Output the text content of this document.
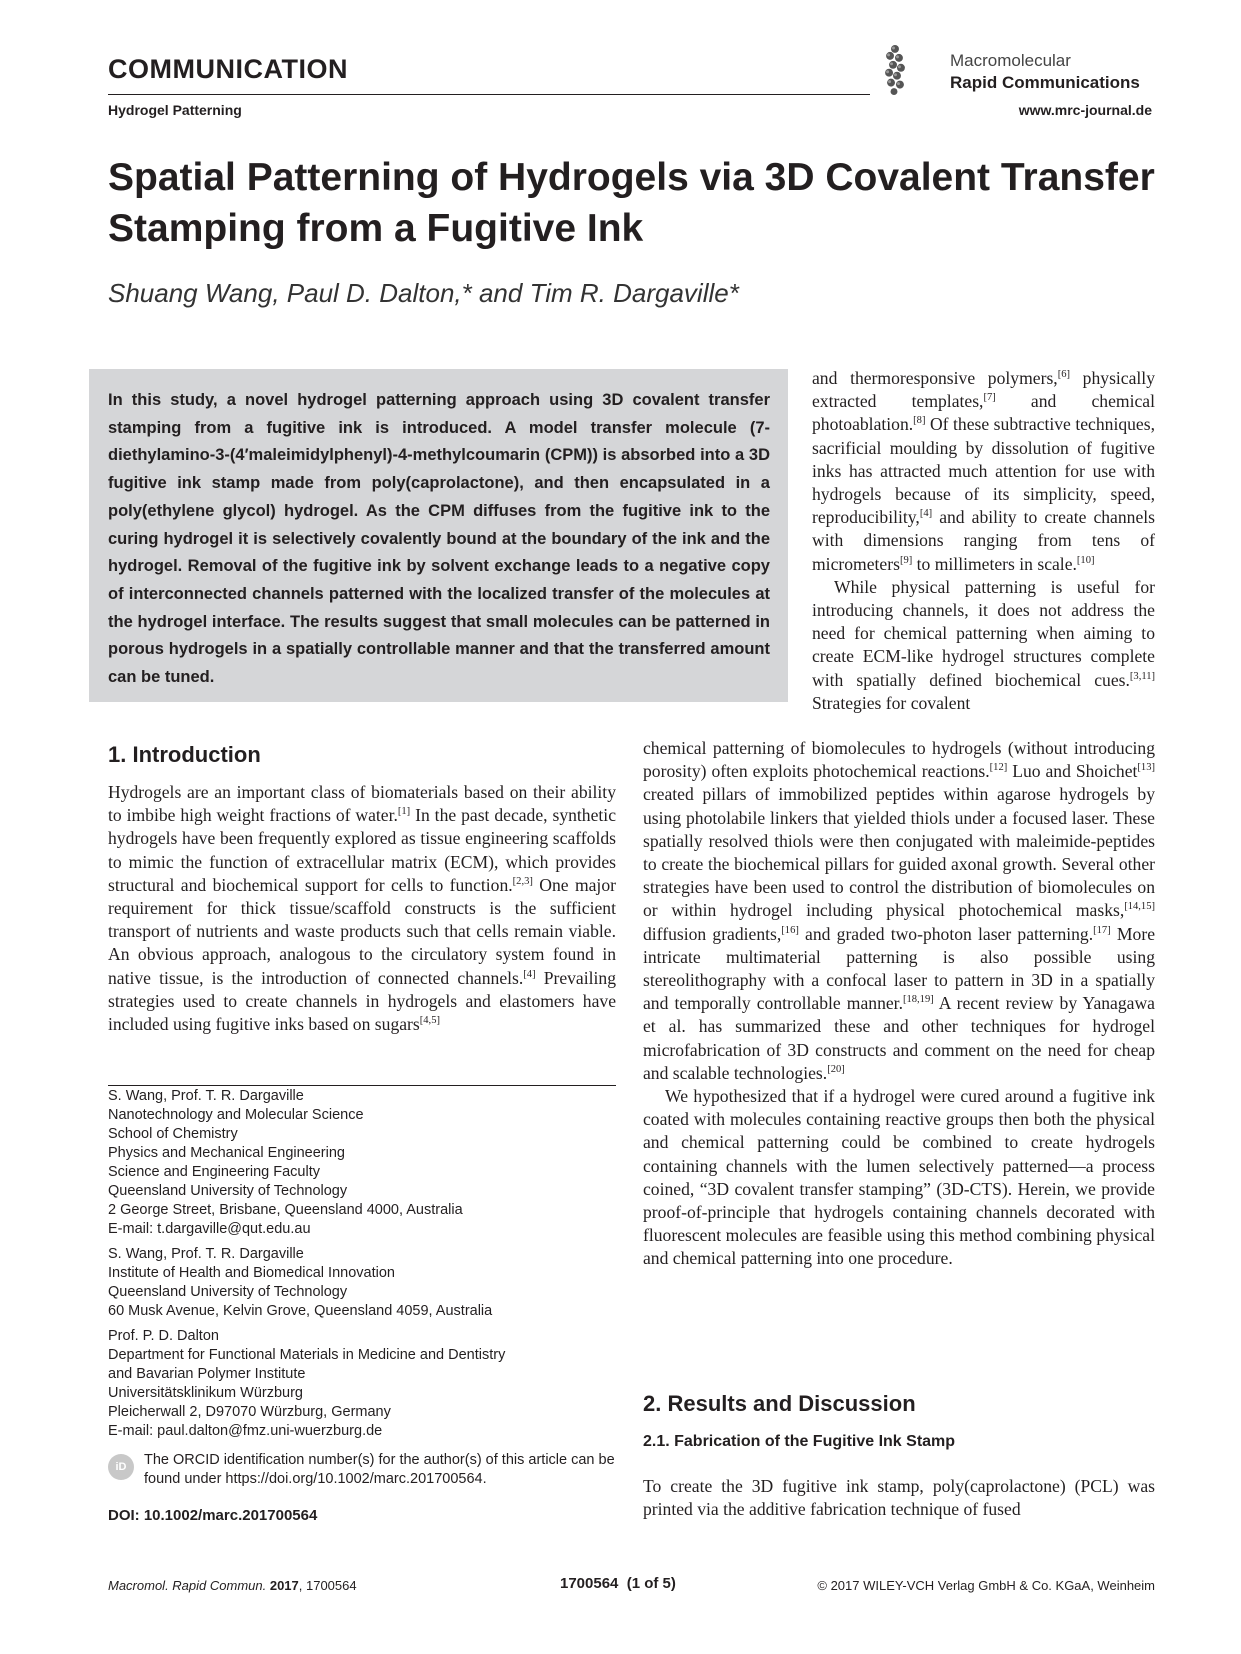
COMMUNICATION
Hydrogel Patterning
Macromolecular
Rapid Communications
www.mrc-journal.de
Spatial Patterning of Hydrogels via 3D Covalent Transfer Stamping from a Fugitive Ink
Shuang Wang, Paul D. Dalton,* and Tim R. Dargaville*
In this study, a novel hydrogel patterning approach using 3D covalent transfer stamping from a fugitive ink is introduced. A model transfer molecule (7-diethylamino-3-(4′maleimidylphenyl)-4-methylcoumarin (CPM)) is absorbed into a 3D fugitive ink stamp made from poly(caprolactone), and then encapsulated in a poly(ethylene glycol) hydrogel. As the CPM diffuses from the fugitive ink to the curing hydrogel it is selectively covalently bound at the boundary of the ink and the hydrogel. Removal of the fugitive ink by solvent exchange leads to a negative copy of interconnected channels patterned with the localized transfer of the molecules at the hydrogel interface. The results suggest that small molecules can be patterned in porous hydrogels in a spatially controllable manner and that the transferred amount can be tuned.

and thermoresponsive polymers,[6] physically extracted templates,[7] and chemical photoablation.[8] Of these subtractive techniques, sacrificial moulding by dissolution of fugitive inks has attracted much attention for use with hydrogels because of its simplicity, speed, reproducibility,[4] and ability to create channels with dimensions ranging from tens of micrometers[9] to millimeters in scale.[10]

While physical patterning is useful for introducing channels, it does not address the need for chemical patterning when aiming to create ECM-like hydrogel structures complete with spatially defined biochemical cues.[3,11] Strategies for covalent

chemical patterning of biomolecules to hydrogels (without introducing porosity) often exploits photochemical reactions.[12] Luo and Shoichet[13] created pillars of immobilized peptides within agarose hydrogels by using photolabile linkers that yielded thiols under a focused laser. These spatially resolved thiols were then conjugated with maleimide-peptides to create the biochemical pillars for guided axonal growth. Several other strategies have been used to control the distribution of biomolecules on or within hydrogel including physical photochemical masks,[14,15] diffusion gradients,[16] and graded two-photon laser patterning.[17] More intricate multimaterial patterning is also possible using stereolithography with a confocal laser to pattern in 3D in a spatially and temporally controllable manner.[18,19] A recent review by Yanagawa et al. has summarized these and other techniques for hydrogel microfabrication of 3D constructs and comment on the need for cheap and scalable technologies.[20]

We hypothesized that if a hydrogel were cured around a fugitive ink coated with molecules containing reactive groups then both the physical and chemical patterning could be combined to create hydrogels containing channels with the lumen selectively patterned—a process coined, “3D covalent transfer stamping” (3D-CTS). Herein, we provide proof-of-principle that hydrogels containing channels decorated with fluorescent molecules are feasible using this method combining physical and chemical patterning into one procedure.

2. Results and Discussion
2.1. Fabrication of the Fugitive Ink Stamp
To create the 3D fugitive ink stamp, poly(caprolactone) (PCL) was printed via the additive fabrication technique of fused
1. Introduction

Hydrogels are an important class of biomaterials based on their ability to imbibe high weight fractions of water.[1] In the past decade, synthetic hydrogels have been frequently explored as tissue engineering scaffolds to mimic the function of extracellular matrix (ECM), which provides structural and biochemical support for cells to function.[2,3] One major requirement for thick tissue/scaffold constructs is the sufficient transport of nutrients and waste products such that cells remain viable. An obvious approach, analogous to the circulatory system found in native tissue, is the introduction of connected channels.[4] Prevailing strategies used to create channels in hydrogels and elastomers have included using fugitive inks based on sugars[4,5]

S. Wang, Prof. T. R. Dargaville
Nanotechnology and Molecular Science
School of Chemistry
Physics and Mechanical Engineering
Science and Engineering Faculty
Queensland University of Technology
2 George Street, Brisbane, Queensland 4000, Australia
E-mail: t.dargaville@qut.edu.au
S. Wang, Prof. T. R. Dargaville
Institute of Health and Biomedical Innovation
Queensland University of Technology
60 Musk Avenue, Kelvin Grove, Queensland 4059, Australia
Prof. P. D. Dalton
Department for Functional Materials in Medicine and Dentistry
and Bavarian Polymer Institute
Universitätsklinikum Würzburg
Pleicherwall 2, D97070 Würzburg, Germany
E-mail: paul.dalton@fmz.uni-wuerzburg.de
iD	The ORCID identification number(s) for the author(s) of this article can be found under https://doi.org/10.1002/marc.201700564.
DOI: 10.1002/marc.201700564
Macromol. Rapid Commun. 2017, 1700564	1700564  (1 of 5)	© 2017 WILEY-VCH Verlag GmbH & Co. KGaA, Weinheim
